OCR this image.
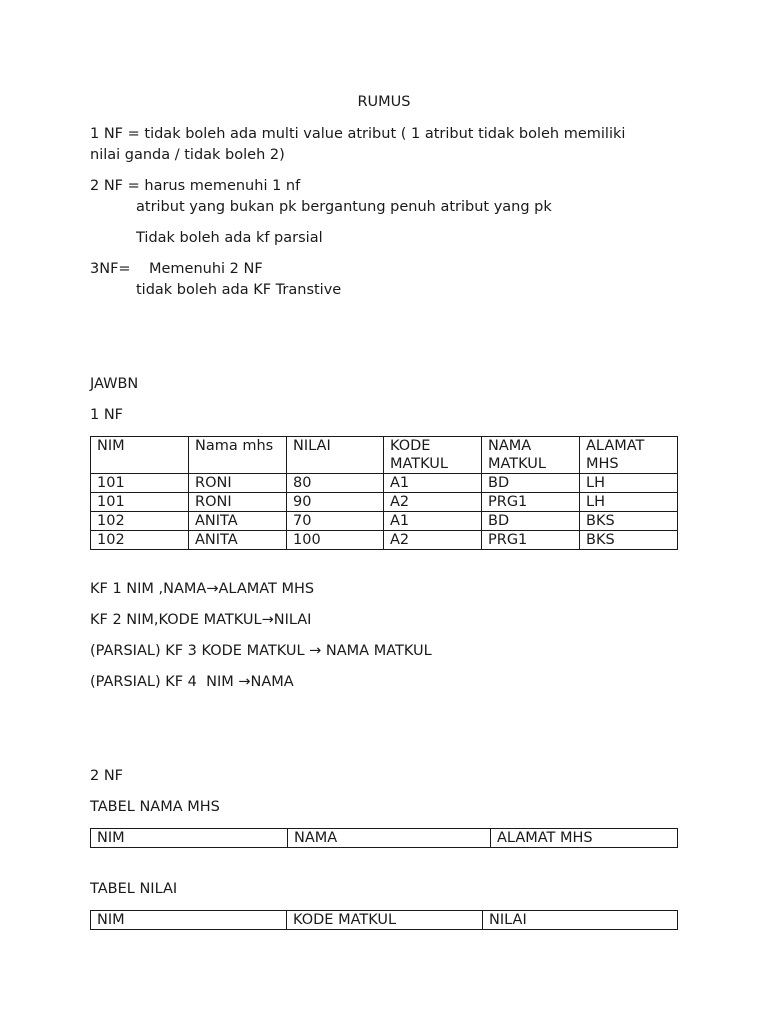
RUMUS
1 NF = tidak boleh ada multi value atribut ( 1 atribut tidak boleh memiliki
nilai ganda / tidak boleh 2)
2 NF = harus memenuhi 1 nf
atribut yang bukan pk bergantung penuh atribut yang pk
Tidak boleh ada kf parsial
3NF=    Memenuhi 2 NF
tidak boleh ada KF Transtive
JAWBN
1 NF
NIM	Nama mhs	NILAI	KODE MATKUL	NAMA MATKUL	ALAMAT MHS
101	RONI	80	A1	BD	LH
101	RONI	90	A2	PRG1	LH
102	ANITA	70	A1	BD	BKS
102	ANITA	100	A2	PRG1	BKS
KF 1 NIM ,NAMA→ALAMAT MHS
KF 2 NIM,KODE MATKUL→NILAI
(PARSIAL) KF 3 KODE MATKUL → NAMA MATKUL
(PARSIAL) KF 4  NIM →NAMA
2 NF
TABEL NAMA MHS
NIM	NAMA	ALAMAT MHS
TABEL NILAI
NIM	KODE MATKUL	NILAI
